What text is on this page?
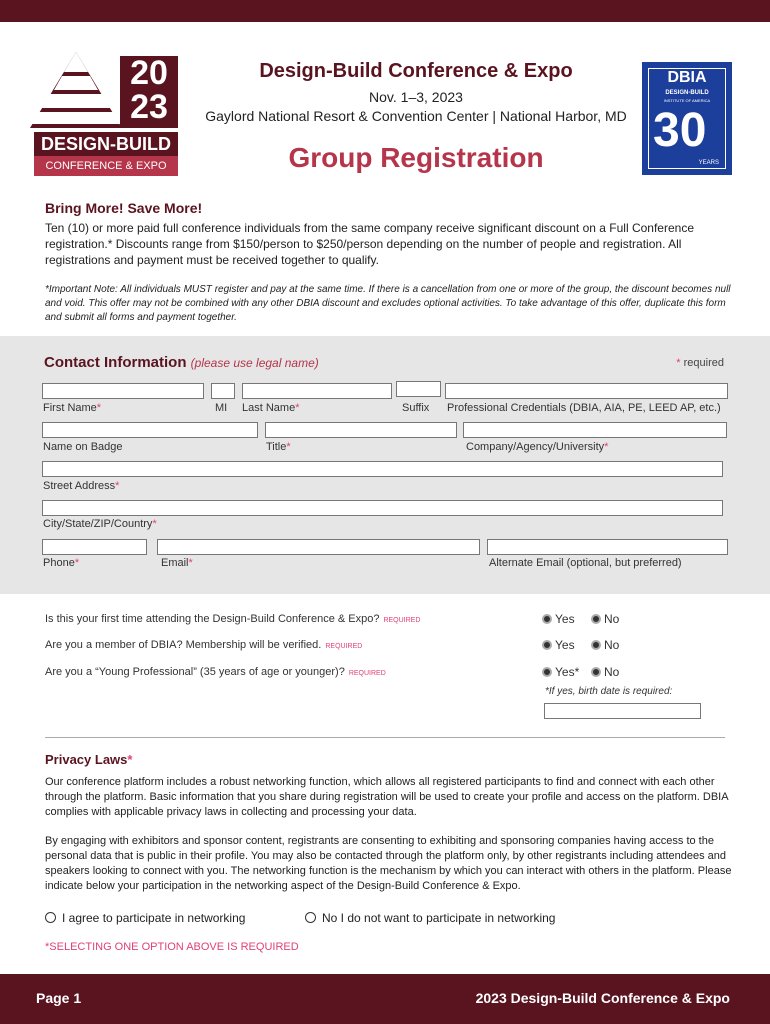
20
23
DESIGN-BUILD
CONFERENCE & EXPO
Design-Build Conference & Expo
Nov. 1–3, 2023
Gaylord National Resort & Convention Center | National Harbor, MD
Group Registration
DBIA
DESIGN-BUILD
INSTITUTE OF AMERICA
30
YEARS
Bring More! Save More!
Ten (10) or more paid full conference individuals from the same company receive significant discount on a Full Conference registration.* Discounts range from $150/person to $250/person depending on the number of people and registration. All registrations and payment must be received together to qualify.
*Important Note: All individuals MUST register and pay at the same time. If there is a cancellation from one or more of the group, the discount becomes null and void. This offer may not be combined with any other DBIA discount and excludes optional activities. To take advantage of this offer, duplicate this form and submit all forms and payment together.
Contact Information (please use legal name)	* required
First Name*	MI Last Name*	Suffix Professional Credentials (DBIA, AIA, PE, LEED AP, etc.)
Name on Badge	Title*	Company/Agency/University*
Street Address*
City/State/ZIP/Country*
Phone*	Email*	Alternate Email (optional, but preferred)
Is this your first time attending the Design-Build Conference & Expo? REQUIRED	Yes	No
Are you a member of DBIA? Membership will be verified. REQUIRED	Yes	No
Are you a “Young Professional” (35 years of age or younger)? REQUIRED	Yes*	No
*If yes, birth date is required:
Privacy Laws*
Our conference platform includes a robust networking function, which allows all registered participants to find and connect with each other through the platform. Basic information that you share during registration will be used to create your profile and access on the platform. DBIA complies with applicable privacy laws in collecting and processing your data.
By engaging with exhibitors and sponsor content, registrants are consenting to exhibiting and sponsoring companies having access to the personal data that is public in their profile. You may also be contacted through the platform only, by other registrants including attendees and speakers looking to connect with you. The networking function is the mechanism by which you can interact with others in the platform. Please indicate below your participation in the networking aspect of the Design-Build Conference & Expo.
I agree to participate in networking	No I do not want to participate in networking
*SELECTING ONE OPTION ABOVE IS REQUIRED
Page 1	2023 Design-Build Conference & Expo
